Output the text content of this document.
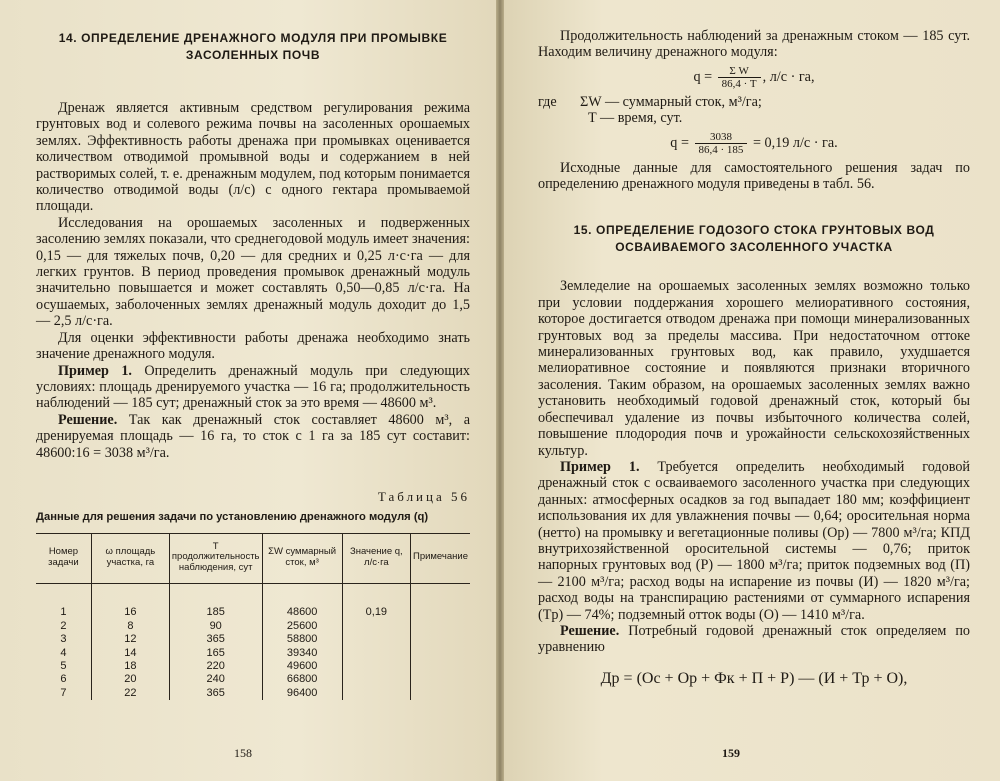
14. ОПРЕДЕЛЕНИЕ ДРЕНАЖНОГО МОДУЛЯ ПРИ ПРОМЫВКЕ ЗАСОЛЕННЫХ ПОЧВ

Дренаж является активным средством регулирования режима грунтовых вод и солевого режима почвы на засоленных орошаемых землях. Эффективность работы дренажа при промывках оценивается количеством отводимой промывной воды и содержанием в ней растворимых солей, т. е. дренажным модулем, под которым понимается количество отводимой воды (л/с) с одного гектара промываемой площади.

Исследования на орошаемых засоленных и подверженных засолению землях показали, что среднегодовой модуль имеет значения: 0,15 — для тяжелых почв, 0,20 — для средних и 0,25 л·с·га — для легких грунтов. В период проведения промывок дренажный модуль значительно повышается и может составлять 0,50—0,85 л/с·га. На осушаемых, заболоченных землях дренажный модуль доходит до 1,5 — 2,5 л/с·га.

Для оценки эффективности работы дренажа необходимо знать значение дренажного модуля.

Пример 1. Определить дренажный модуль при следующих условиях: площадь дренируемого участка — 16 га; продолжительность наблюдений — 185 сут; дренажный сток за это время — 48600 м³.

Решение. Так как дренажный сток составляет 48600 м³, а дренируемая площадь — 16 га, то сток с 1 га за 185 сут составит: 48600:16 = 3038 м³/га.

Таблица 56
Данные для решения задачи по установлению дренажного модуля (q)
Номер задачи	ω площадь участка, га	Т продолжительность наблюдения, сут	ΣW суммарный сток, м³	Значение q, л/с·га	Примечание
1	16	185	48600	0,19	
2	8	90	25600		
3	12	365	58800		
4	14	165	39340		
5	18	220	49600		
6	20	240	66800		
7	22	365	96400		
158

Продолжительность наблюдений за дренажным стоком — 185 сут. Находим величину дренажного модуля:

$q = \frac{\text{Σ W}}{86,4 \cdot T}$ , л/с · га,
где	ΣW — суммарный сток, м³/га;
T — время, сут.
$q = \frac{3038}{86,4 \cdot 185} = 0,19$ л/с · га.

Исходные данные для самостоятельного решения задач по определению дренажного модуля приведены в табл. 56.

15. ОПРЕДЕЛЕНИЕ ГОДОЗОГО СТОКА ГРУНТОВЫХ ВОД ОСВАИВАЕМОГО ЗАСОЛЕННОГО УЧАСТКА

Земледелие на орошаемых засоленных землях возможно только при условии поддержания хорошего мелиоративного состояния, которое достигается отводом дренажа при помощи минерализованных грунтовых вод за пределы массива. При недостаточном оттоке минерализованных грунтовых вод, как правило, ухудшается мелиоративное состояние и появляются признаки вторичного засоления. Таким образом, на орошаемых засоленных землях важно установить необходимый годовой дренажный сток, который бы обеспечивал удаление из почвы избыточного количества солей, повышение плодородия почв и урожайности сельскохозяйственных культур.

Пример 1. Требуется определить необходимый годовой дренажный сток с осваиваемого засоленного участка при следующих данных: атмосферных осадков за год выпадает 180 мм; коэффициент использования их для увлажнения почвы — 0,64; оросительная норма (нетто) на промывку и вегетационные поливы (Oр) — 7800 м³/га; КПД внутрихозяйственной оросительной системы — 0,76; приток напорных грунтовых вод (Р) — 1800 м³/га; приток подземных вод (П) — 2100 м³/га; расход воды на испарение из почвы (И) — 1820 м³/га; расход воды на транспирацию растениями от суммарного испарения (Tр) — 74%; подземный отток воды (О) — 1410 м³/га.

Решение. Потребный годовой дренажный сток определяем по уравнению

Др = (Oс + Oр + Фк + П + Р) — (И + Тр + О),
159
